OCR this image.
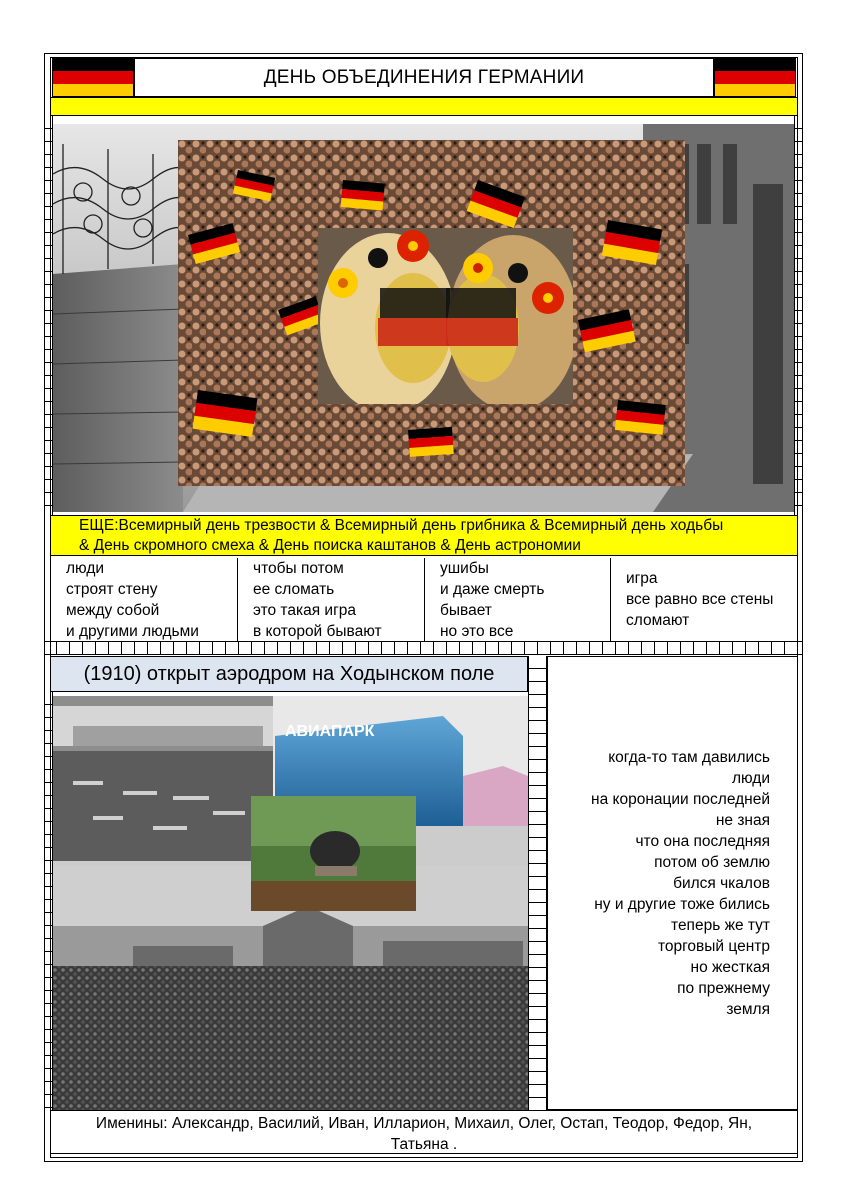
ДЕНЬ ОБЪЕДИНЕНИЯ ГЕРМАНИИ
ЕЩЕ:Всемирный день трезвости & Всемирный день грибника & Всемирный день ходьбы
& День скромного смеха & День поиска каштанов & День астрономии
люди
строят стену
между собой
и другими людьми
чтобы потом
ее сломать
это такая игра
в которой бывают
ушибы
и даже смерть
бывает
но это все
игра
все равно все стены
сломают
(1910) открыт аэродром на Ходынском поле
АВИАПАРК
когда-то там давились
люди
на коронации последней
не зная
что она последняя
потом об землю
бился чкалов
ну и другие тоже бились
теперь же тут
торговый центр
но жесткая
по прежнему
земля
Именины: Александр, Василий, Иван, Илларион, Михаил, Олег, Остап, Теодор, Федор, Ян,
Татьяна .
